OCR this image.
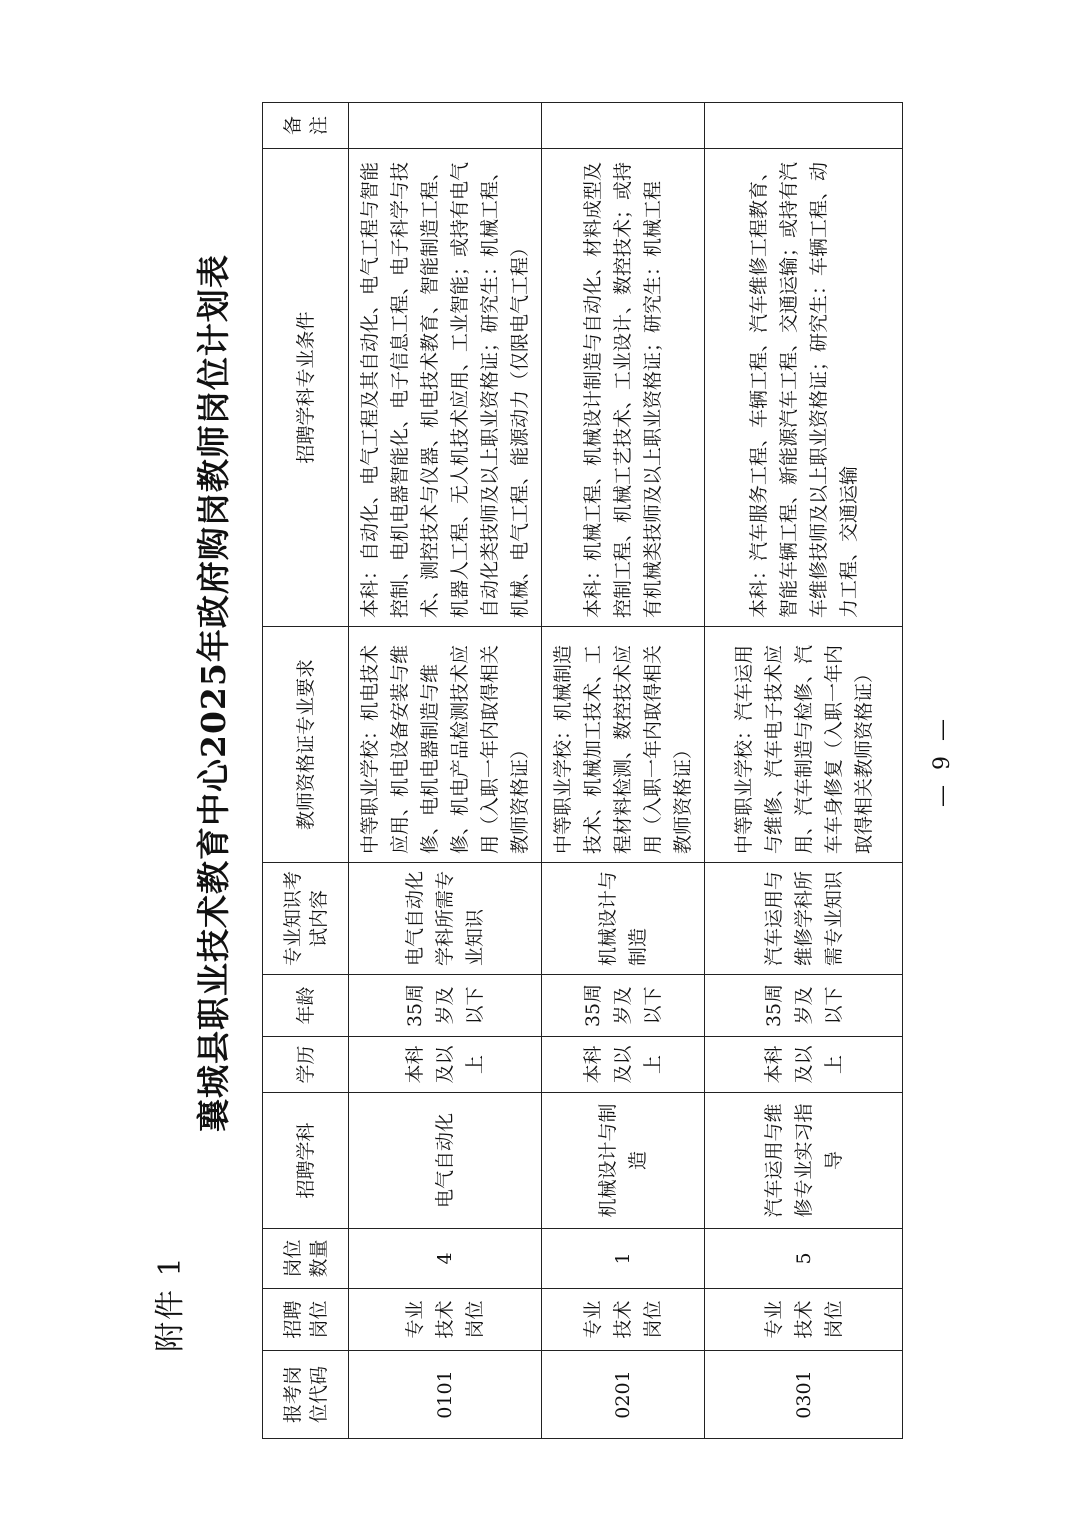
附件 1
襄城县职业技术教育中心2025年政府购岗教师岗位计划表
报考岗位代码	招聘岗位	岗位数量	招聘学科	学历	年龄	专业知识考试内容	教师资格证专业要求	招聘学科专业条件	备注
0101	专业技术岗位	4	电气自动化	本科及以上	35周岁及以下	电气自动化学科所需专业知识	中等职业学校：机电技术应用、机电设备安装与维修、电机电器制造与维修、机电产品检测技术应用（入职一年内取得相关教师资格证）	本科：自动化、电气工程及其自动化、电气工程与智能控制、电机电器智能化、电子信息工程、电子科学与技术、测控技术与仪器、机电技术教育、智能制造工程、机器人工程、无人机技术应用、工业智能；或持有电气自动化类技师及以上职业资格证；研究生：机械工程、机械、电气工程、能源动力（仅限电气工程）	
0201	专业技术岗位	1	机械设计与制造	本科及以上	35周岁及以下	机械设计与制造	中等职业学校：机械制造技术、机械加工技术、工程材料检测、数控技术应用（入职一年内取得相关教师资格证）	本科：机械工程、机械设计制造与自动化、材料成型及控制工程、机械工艺技术、工业设计、数控技术；或持有机械类技师及以上职业资格证；研究生：机械工程	
0301	专业技术岗位	5	汽车运用与维修专业实习指导	本科及以上	35周岁及以下	汽车运用与维修学科所需专业知识	中等职业学校：汽车运用与维修、汽车电子技术应用、汽车制造与检修、汽车车身修复（入职一年内取得相关教师资格证）	本科：汽车服务工程、车辆工程、汽车维修工程教育、智能车辆工程、新能源汽车工程、交通运输；或持有汽车维修技师及以上职业资格证；研究生：车辆工程、动力工程、交通运输	
— 9 —
